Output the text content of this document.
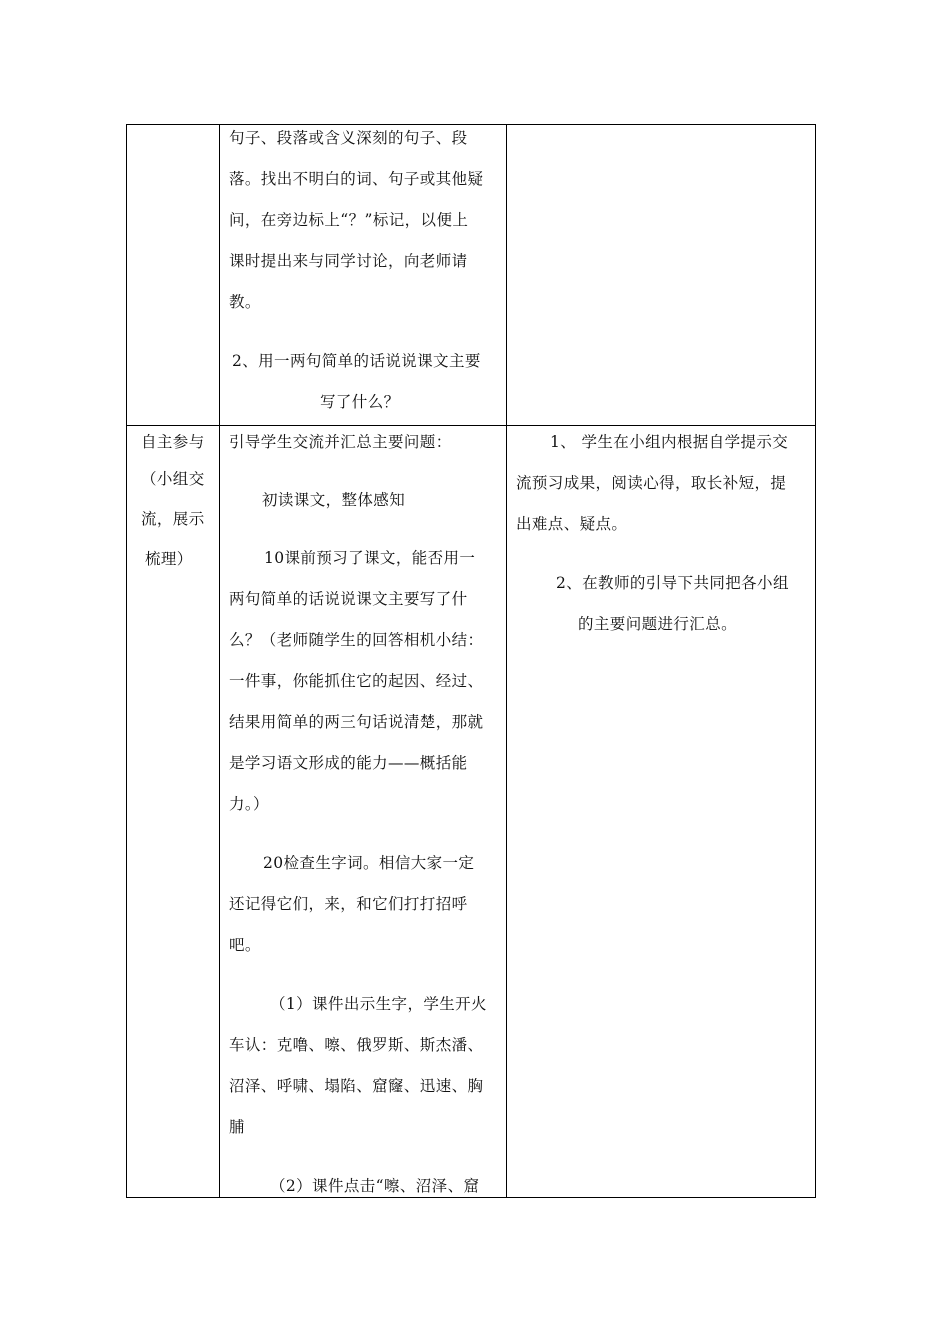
句子、段落或含义深刻的句子、段
落。找出不明白的词、句子或其他疑
问，在旁边标上“？”标记，以便上
课时提出来与同学讨论，向老师请
教。
2、用一两句简单的话说说课文主要
写了什么？
自主参与
（小组交
流，展示
梳理）
引导学生交流并汇总主要问题：
初读课文，整体感知
10课前预习了课文，能否用一
两句简单的话说说课文主要写了什
么？（老师随学生的回答相机小结：
一件事，你能抓住它的起因、经过、
结果用简单的两三句话说清楚，那就
是学习语文形成的能力——概括能
力。）
20检查生字词。相信大家一定
还记得它们，来，和它们打打招呼
吧。
（1）课件出示生字，学生开火
车认：克噜、嚓、俄罗斯、斯杰潘、
沼泽、呼啸、塌陷、窟窿、迅速、胸
脯
（2）课件点击“嚓、沼泽、窟
1、 学生在小组内根据自学提示交
流预习成果，阅读心得，取长补短，提
出难点、疑点。
2、在教师的引导下共同把各小组
的主要问题进行汇总。
